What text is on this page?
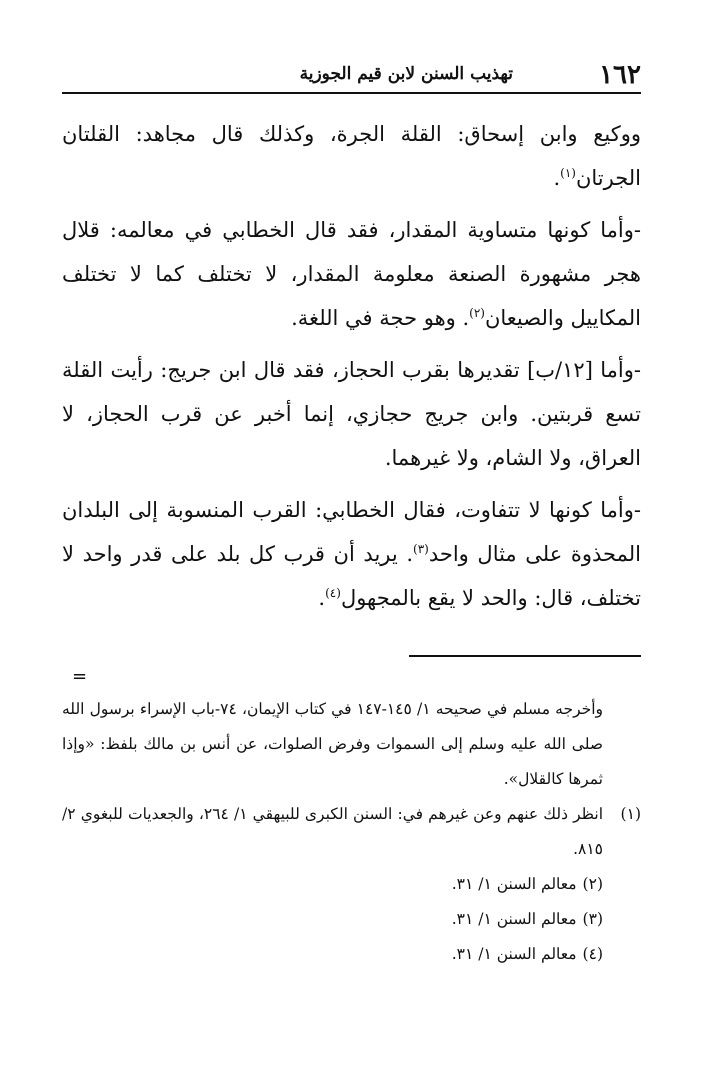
١٦٢
تهذيب السنن لابن قيم الجوزية

ووكيع وابن إسحاق: القلة الجرة، وكذلك قال مجاهد: القلتان الجرتان$^{(١)}$.

-وأما كونها متساوية المقدار، فقد قال الخطابي في معالمه: قلال هجر مشهورة الصنعة معلومة المقدار، لا تختلف كما لا تختلف المكاييل والصيعان$^{(٢)}$. وهو حجة في اللغة.

-وأما [١٢/ب] تقديرها بقرب الحجاز، فقد قال ابن جريج: رأيت القلة تسع قربتين. وابن جريج حجازي، إنما أخبر عن قرب الحجاز، لا العراق، ولا الشام، ولا غيرهما.

-وأما كونها لا تتفاوت، فقال الخطابي: القرب المنسوبة إلى البلدان المحذوة على مثال واحد$^{(٣)}$. يريد أن قرب كل بلد على قدر واحد لا تختلف، قال: والحد لا يقع بالمجهول$^{(٤)}$.

=
وأخرجه مسلم في صحيحه ١/ ١٤٥-١٤٧ في كتاب الإيمان، ٧٤-باب الإسراء برسول الله صلى الله عليه وسلم إلى السموات وفرض الصلوات، عن أنس بن مالك بلفظ: «وإذا ثمرها كالقلال».
(١)
انظر ذلك عنهم وعن غيرهم في: السنن الكبرى للبيهقي ١/ ٢٦٤، والجعديات للبغوي ٢/ ٨١٥.
(٢)
معالم السنن ١/ ٣١.
(٣)
معالم السنن ١/ ٣١.
(٤)
معالم السنن ١/ ٣١.
